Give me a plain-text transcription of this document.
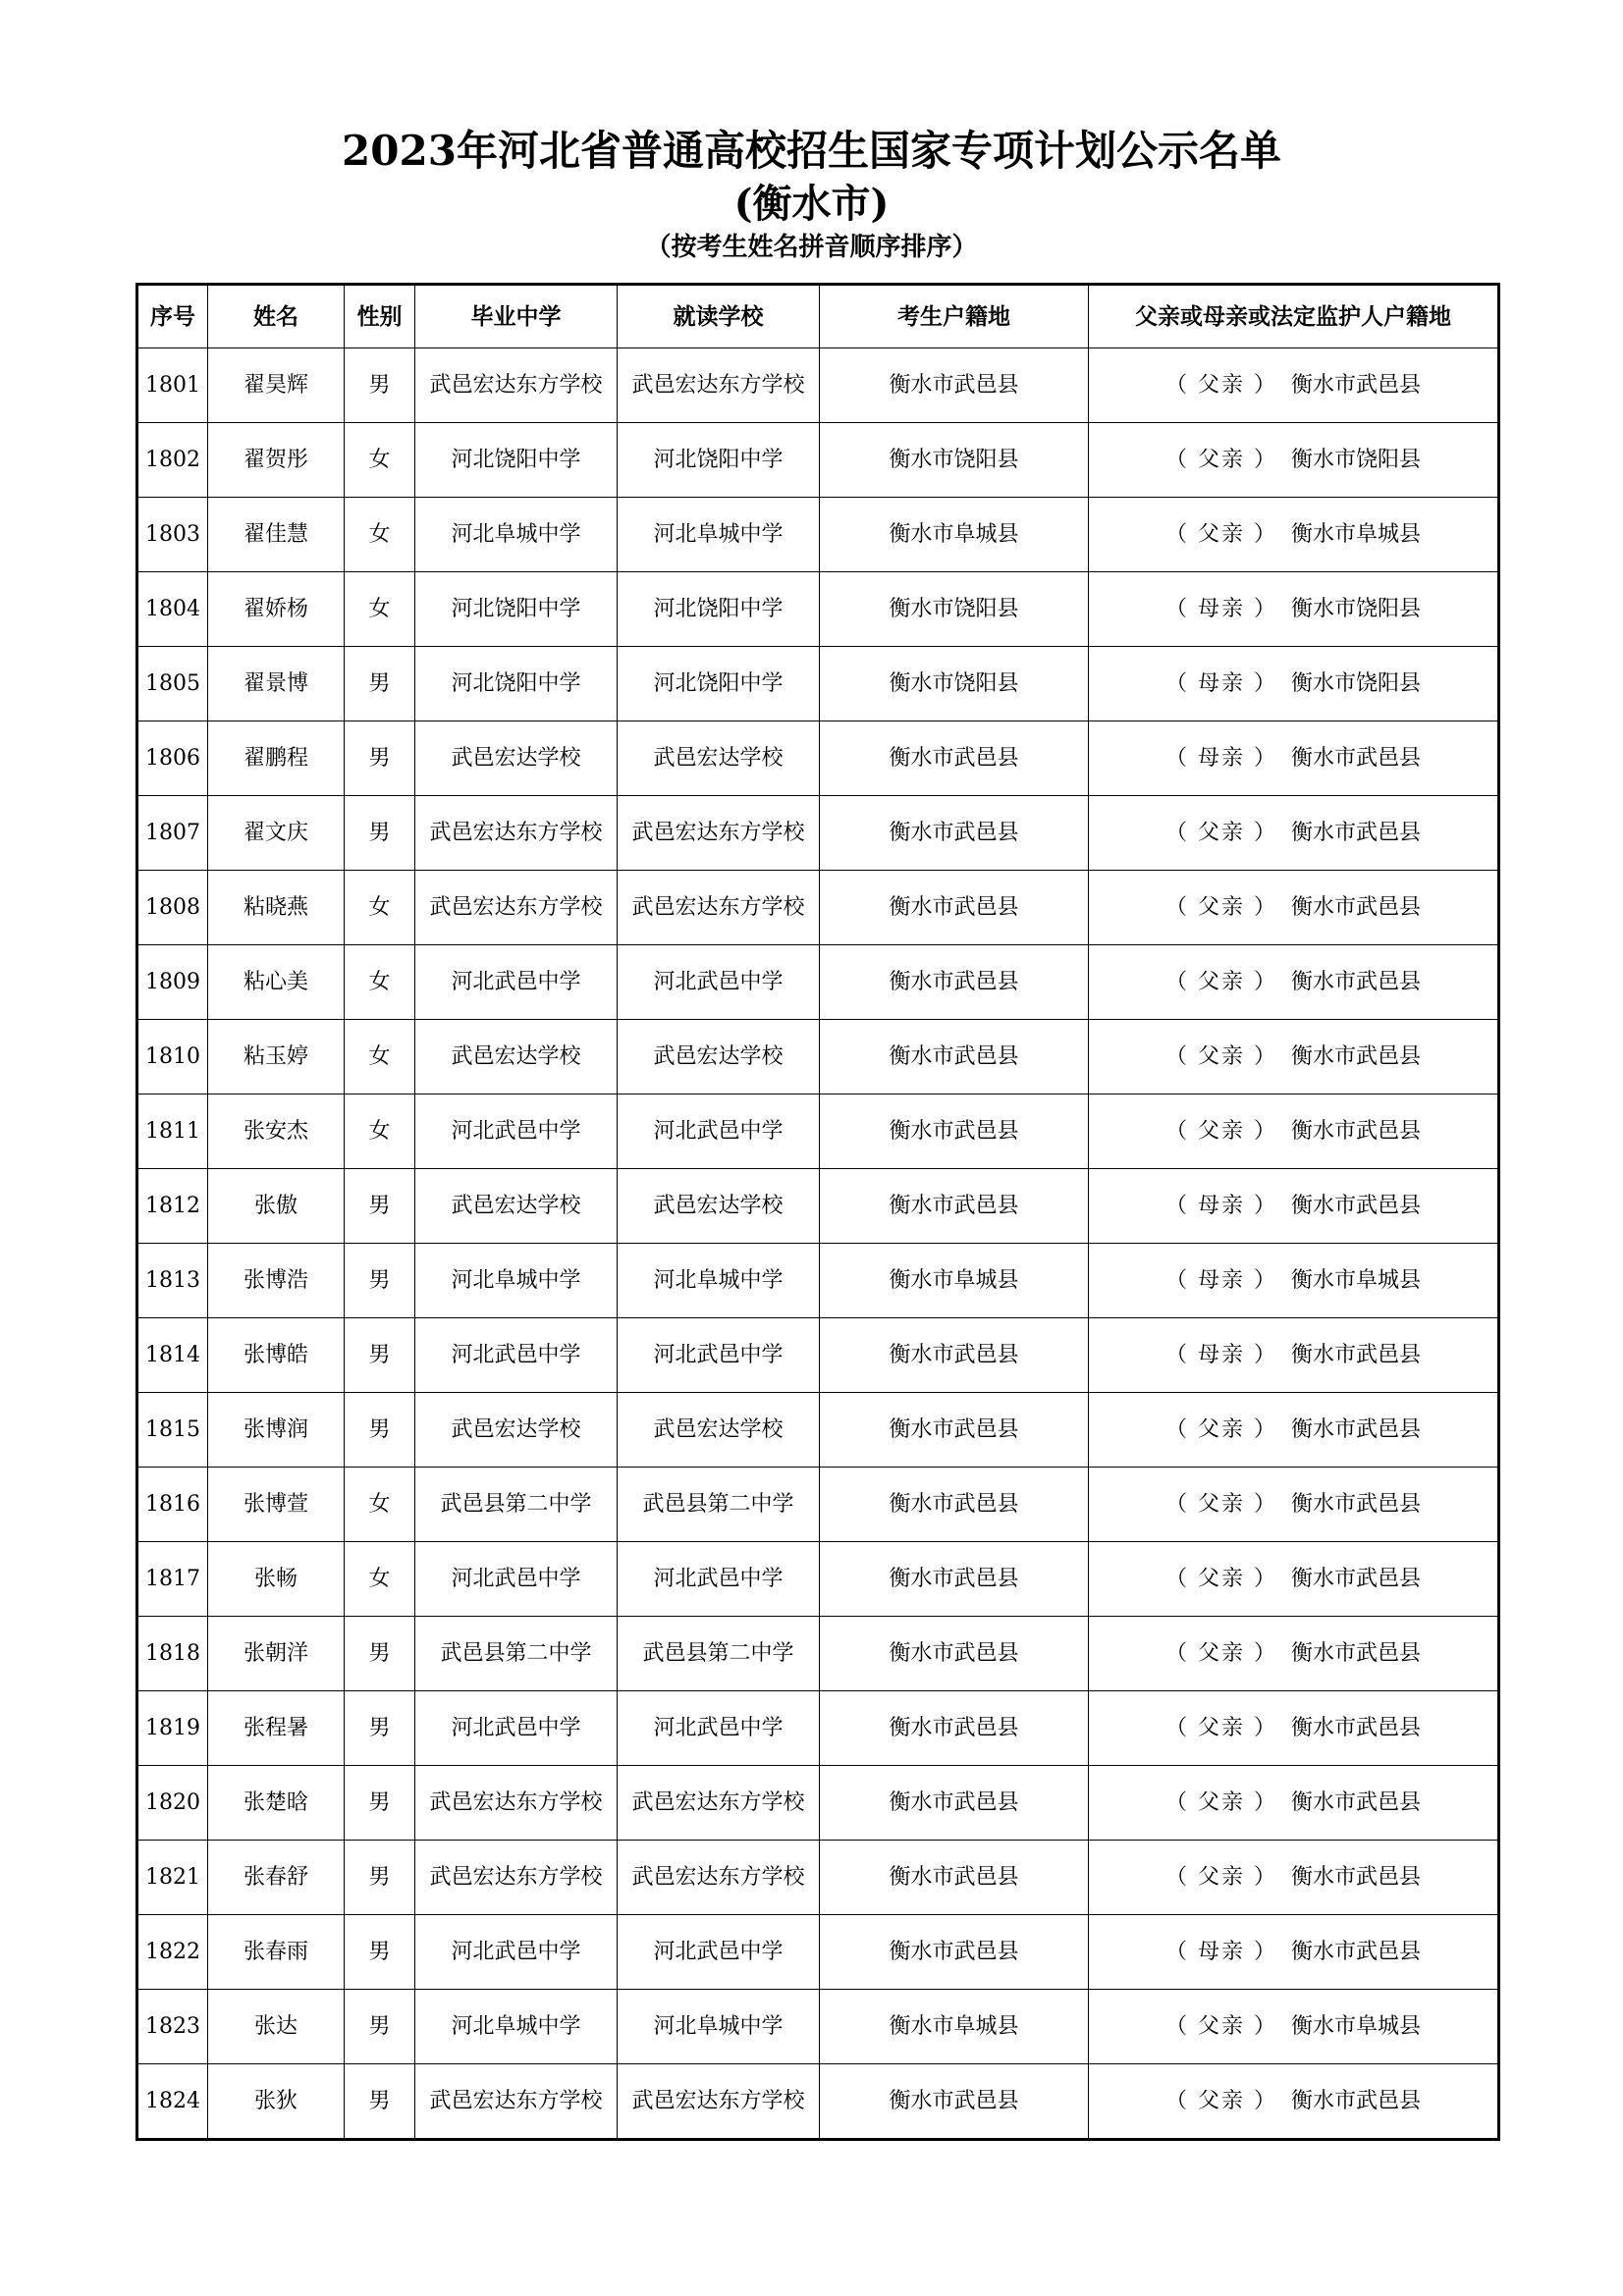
2023年河北省普通高校招生国家专项计划公示名单
(衡水市)
（按考生姓名拼音顺序排序）
序号	姓名	性别	毕业中学	就读学校	考生户籍地	父亲或母亲或法定监护人户籍地
1801	翟昊辉	男	武邑宏达东方学校	武邑宏达东方学校	衡水市武邑县	（ 父亲 ） 衡水市武邑县
1802	翟贺彤	女	河北饶阳中学	河北饶阳中学	衡水市饶阳县	（ 父亲 ） 衡水市饶阳县
1803	翟佳慧	女	河北阜城中学	河北阜城中学	衡水市阜城县	（ 父亲 ） 衡水市阜城县
1804	翟娇杨	女	河北饶阳中学	河北饶阳中学	衡水市饶阳县	（ 母亲 ） 衡水市饶阳县
1805	翟景博	男	河北饶阳中学	河北饶阳中学	衡水市饶阳县	（ 母亲 ） 衡水市饶阳县
1806	翟鹏程	男	武邑宏达学校	武邑宏达学校	衡水市武邑县	（ 母亲 ） 衡水市武邑县
1807	翟文庆	男	武邑宏达东方学校	武邑宏达东方学校	衡水市武邑县	（ 父亲 ） 衡水市武邑县
1808	粘晓燕	女	武邑宏达东方学校	武邑宏达东方学校	衡水市武邑县	（ 父亲 ） 衡水市武邑县
1809	粘心美	女	河北武邑中学	河北武邑中学	衡水市武邑县	（ 父亲 ） 衡水市武邑县
1810	粘玉婷	女	武邑宏达学校	武邑宏达学校	衡水市武邑县	（ 父亲 ） 衡水市武邑县
1811	张安杰	女	河北武邑中学	河北武邑中学	衡水市武邑县	（ 父亲 ） 衡水市武邑县
1812	张傲	男	武邑宏达学校	武邑宏达学校	衡水市武邑县	（ 母亲 ） 衡水市武邑县
1813	张博浩	男	河北阜城中学	河北阜城中学	衡水市阜城县	（ 母亲 ） 衡水市阜城县
1814	张博皓	男	河北武邑中学	河北武邑中学	衡水市武邑县	（ 母亲 ） 衡水市武邑县
1815	张博润	男	武邑宏达学校	武邑宏达学校	衡水市武邑县	（ 父亲 ） 衡水市武邑县
1816	张博萱	女	武邑县第二中学	武邑县第二中学	衡水市武邑县	（ 父亲 ） 衡水市武邑县
1817	张畅	女	河北武邑中学	河北武邑中学	衡水市武邑县	（ 父亲 ） 衡水市武邑县
1818	张朝洋	男	武邑县第二中学	武邑县第二中学	衡水市武邑县	（ 父亲 ） 衡水市武邑县
1819	张程暑	男	河北武邑中学	河北武邑中学	衡水市武邑县	（ 父亲 ） 衡水市武邑县
1820	张楚晗	男	武邑宏达东方学校	武邑宏达东方学校	衡水市武邑县	（ 父亲 ） 衡水市武邑县
1821	张春舒	男	武邑宏达东方学校	武邑宏达东方学校	衡水市武邑县	（ 父亲 ） 衡水市武邑县
1822	张春雨	男	河北武邑中学	河北武邑中学	衡水市武邑县	（ 母亲 ） 衡水市武邑县
1823	张达	男	河北阜城中学	河北阜城中学	衡水市阜城县	（ 父亲 ） 衡水市阜城县
1824	张狄	男	武邑宏达东方学校	武邑宏达东方学校	衡水市武邑县	（ 父亲 ） 衡水市武邑县
